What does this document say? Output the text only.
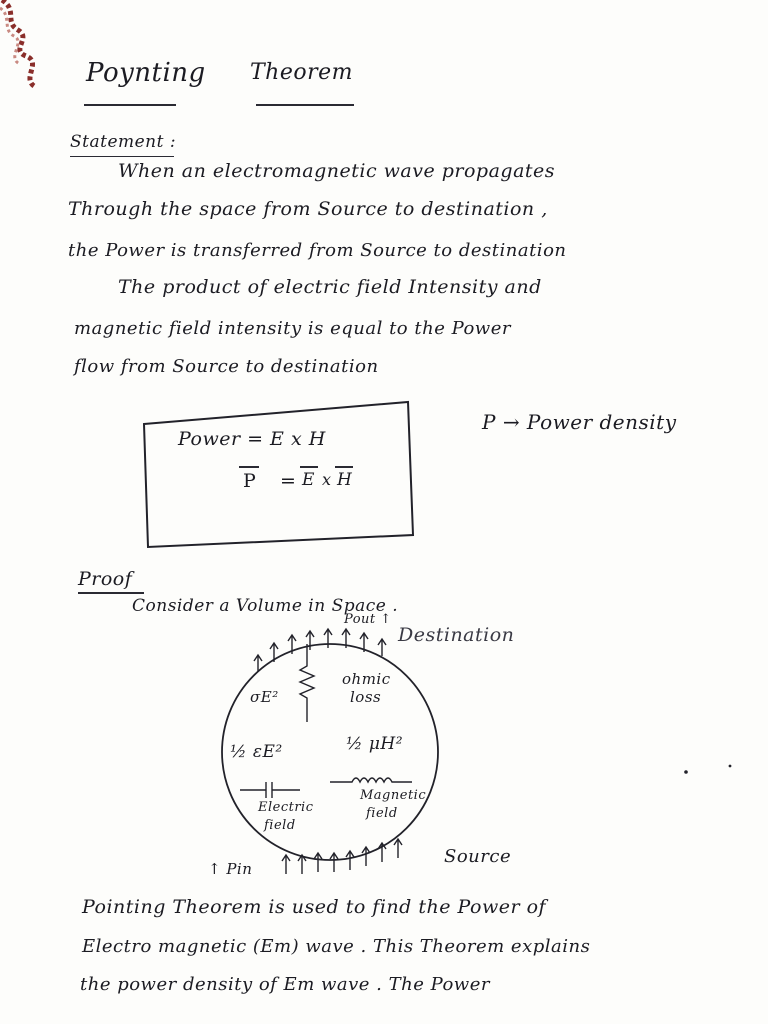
Poynting Theorem
Statement :
When an electromagnetic wave propagates
Through the space from Source to destination ,
the Power is transferred from Source to destination
The product of electric field Intensity and
magnetic field intensity is equal to the Power
flow from Source to destination
Power = E x H
P = E x H
P → Power density
Proof
Consider a Volume in Space .
Pout ↑
Destination
σE²
ohmic
loss
½ εE²	½ μH²
Electric
field
Magnetic
field
↑ Pin
Source
Pointing Theorem is used to find the Power of
Electro magnetic (Em) wave . This Theorem explains
the power density of Em wave . The Power
